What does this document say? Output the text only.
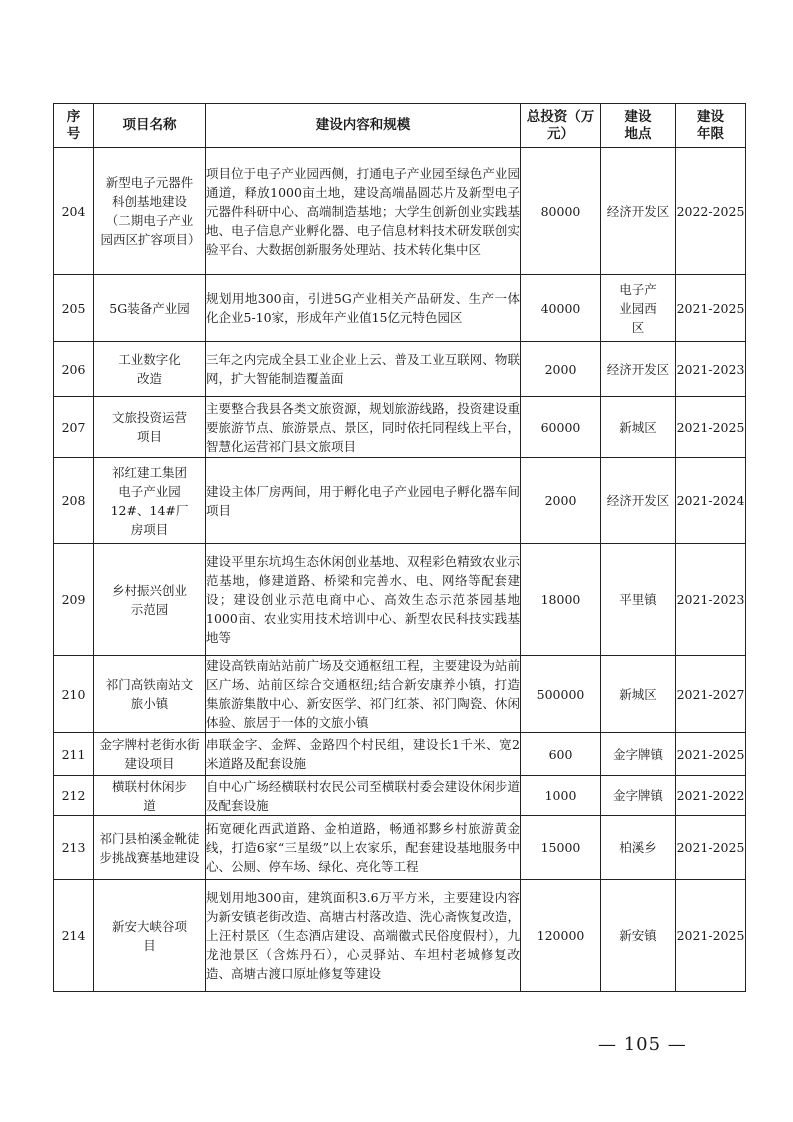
序号	项目名称	建设内容和规模	总投资（万元）	建设地点	建设年限

204	新型电子元器件科创基地建设（二期电子产业园西区扩容项目）	项目位于电子产业园西侧，打通电子产业园至绿色产业园通道，释放1000亩土地，建设高端晶圆芯片及新型电子元器件科研中心、高端制造基地；大学生创新创业实践基地、电子信息产业孵化器、电子信息材料技术研发联创实验平台、大数据创新服务处理站、技术转化集中区	80000	经济开发区	2022-2025

205	5G装备产业园	规划用地300亩，引进5G产业相关产品研发、生产一体化企业5-10家，形成年产业值15亿元特色园区	40000	电子产业园西区	2021-2025

206	工业数字化改造	三年之内完成全县工业企业上云、普及工业互联网、物联网，扩大智能制造覆盖面	2000	经济开发区	2021-2023

207	文旅投资运营项目	主要整合我县各类文旅资源，规划旅游线路，投资建设重要旅游节点、旅游景点、景区，同时依托同程线上平台，智慧化运营祁门县文旅项目	60000	新城区	2021-2025

208	祁红建工集团电子产业园12#、14#厂房项目	建设主体厂房两间，用于孵化电子产业园电子孵化器车间项目	2000	经济开发区	2021-2024

209	乡村振兴创业示范园	建设平里东坑坞生态休闲创业基地、双程彩色精致农业示范基地，修建道路、桥梁和完善水、电、网络等配套建设；建设创业示范电商中心、高效生态示范茶园基地1000亩、农业实用技术培训中心、新型农民科技实践基地等	18000	平里镇	2021-2023

210	祁门高铁南站文旅小镇	建设高铁南站站前广场及交通枢纽工程，主要建设为站前区广场、站前区综合交通枢纽;结合新安康养小镇，打造集旅游集散中心、新安医学、祁门红茶、祁门陶瓷、休闲体验、旅居于一体的文旅小镇	500000	新城区	2021-2027

211	金字牌村老街水街建设项目	串联金字、金辉、金路四个村民组，建设长1千米、宽2米道路及配套设施	600	金字牌镇	2021-2025

212	横联村休闲步道	自中心广场经横联村农民公司至横联村委会建设休闲步道及配套设施	1000	金字牌镇	2021-2022

213	祁门县柏溪金靴徒步挑战赛基地建设	拓宽硬化西武道路、金柏道路，畅通祁黟乡村旅游黄金线，打造6家“三星级”以上农家乐，配套建设基地服务中心、公厕、停车场、绿化、亮化等工程	15000	柏溪乡	2021-2025

214	新安大峡谷项目	规划用地300亩，建筑面积3.6万平方米，主要建设内容为新安镇老街改造、高塘古村落改造、洗心斋恢复改造，上汪村景区（生态酒店建设、高端徽式民俗度假村），九龙池景区（含炼丹石），心灵驿站、车坦村老城修复改造、高塘古渡口原址修复等建设	120000	新安镇	2021-2025
— 105 —
